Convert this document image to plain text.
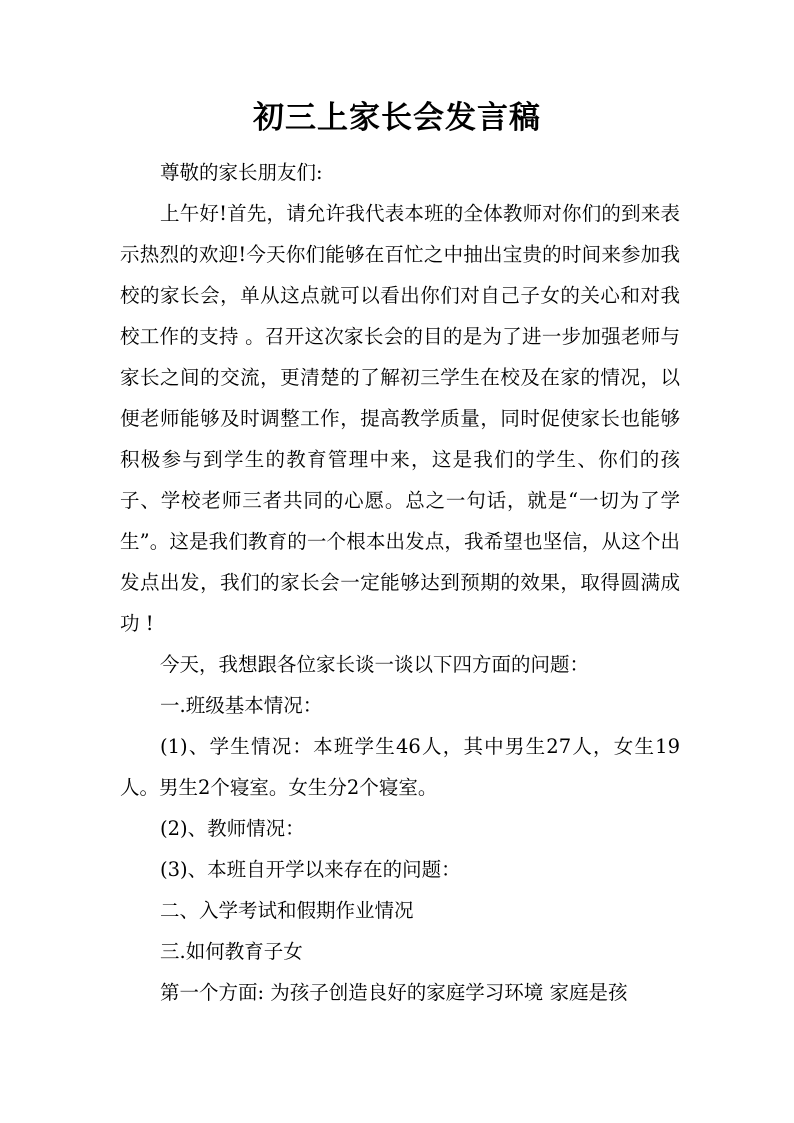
初三上家长会发言稿

尊敬的家长朋友们:

上午好!首先，请允许我代表本班的全体教师对你们的到来表示热烈的欢迎!今天你们能够在百忙之中抽出宝贵的时间来参加我校的家长会，单从这点就可以看出你们对自己子女的关心和对我校工作的支持 。召开这次家长会的目的是为了进一步加强老师与家长之间的交流，更清楚的了解初三学生在校及在家的情况，以便老师能够及时调整工作，提高教学质量，同时促使家长也能够积极参与到学生的教育管理中来，这是我们的学生、你们的孩子、学校老师三者共同的心愿。总之一句话，就是“一切为了学生”。这是我们教育的一个根本出发点，我希望也坚信，从这个出发点出发，我们的家长会一定能够达到预期的效果，取得圆满成功 !

今天，我想跟各位家长谈一谈以下四方面的问题：

一.班级基本情况：

(1)、学生情况：本班学生46人，其中男生27人，女生19人。男生2个寝室。女生分2个寝室。

(2)、教师情况：

(3)、本班自开学以来存在的问题：

二、入学考试和假期作业情况

三.如何教育子女

第一个方面: 为孩子创造良好的家庭学习环境 家庭是孩
